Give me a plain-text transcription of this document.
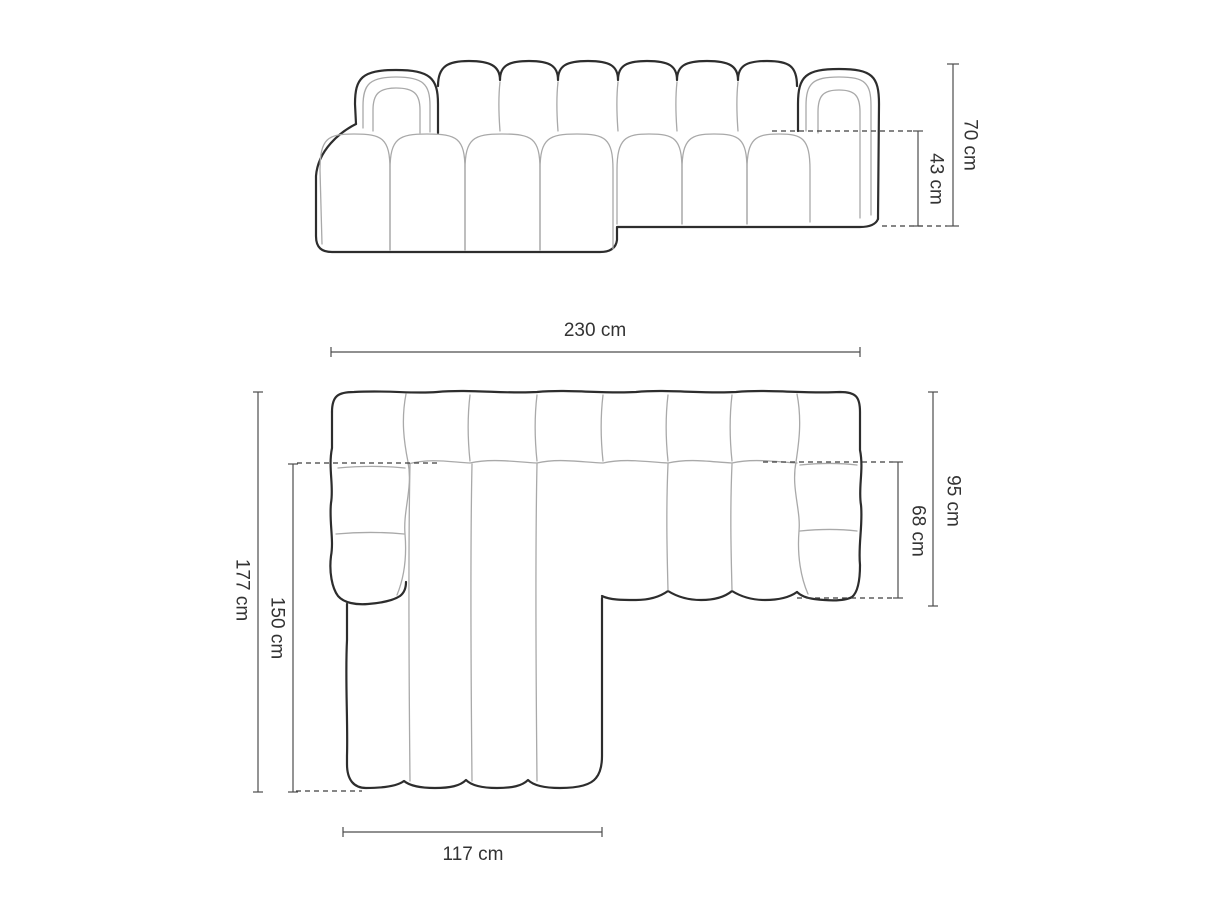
43 cm
70 cm
230 cm
177 cm
150 cm
95 cm
68 cm
117 cm
